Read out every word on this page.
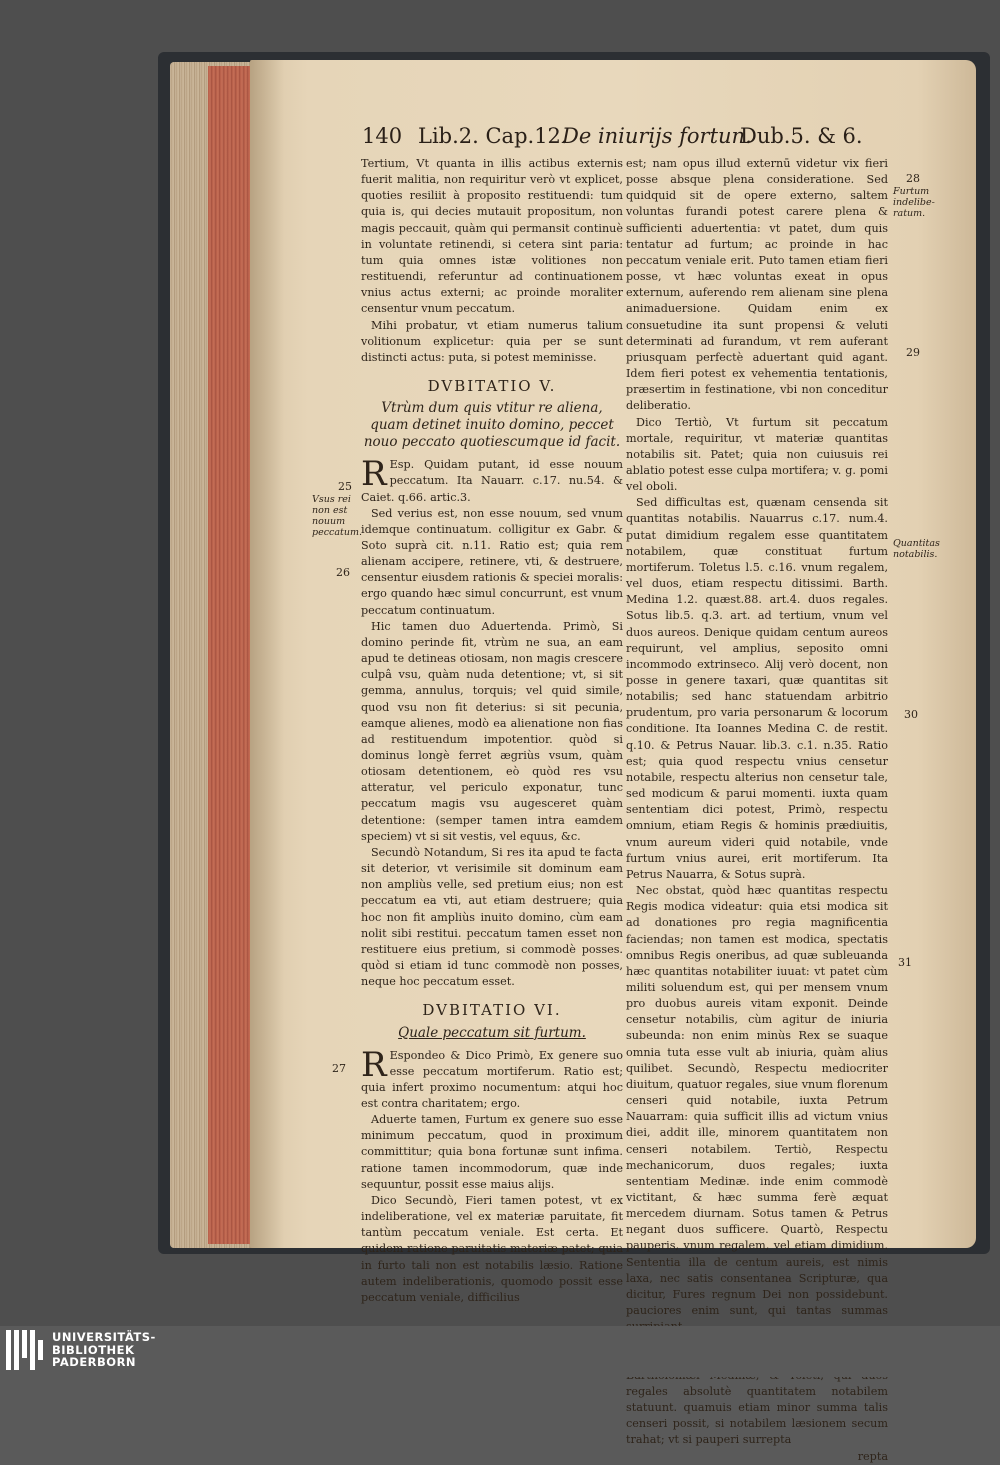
140 Lib.2. Cap.12.
De iniurijs fortun.
Dub.5. & 6.

Tertium, Vt quanta in illis actibus externis fuerit malitia, non requiritur verò vt explicet, quoties resiliit à proposito restituendi: tum quia is, qui decies mutauit propositum, non magis peccauit, quàm qui permansit continuè in voluntate retinendi, si cetera sint paria: tum quia omnes istæ volitiones non restituendi, referuntur ad continuationem vnius actus externi; ac proinde moraliter censentur vnum peccatum.

Mihi probatur, vt etiam numerus talium volitionum explicetur: quia per se sunt distincti actus: puta, si potest meminisse.

DVBITATIO V.
Vtrùm dum quis vtitur re aliena, quam detinet inuito domino, peccet nouo peccato quotiescumque id facit.

R Esp. Quidam putant, id esse nouum peccatum. Ita Nauarr. c.17. nu.54. & Caiet. q.66. artic.3.

Sed verius est, non esse nouum, sed vnum idemque continuatum. colligitur ex Gabr. & Soto suprà cit. n.11. Ratio est; quia rem alienam accipere, retinere, vti, & destruere, censentur eiusdem rationis & speciei moralis: ergo quando hæc simul concurrunt, est vnum peccatum continuatum.

Hic tamen duo Aduertenda. Primò, Si domino perinde fit, vtrùm ne sua, an eam apud te detineas otiosam, non magis crescere culpâ vsu, quàm nuda detentione; vt, si sit gemma, annulus, torquis; vel quid simile, quod vsu non fit deterius: si sit pecunia, eamque alienes, modò ea alienatione non fias ad restituendum impotentior. quòd si dominus longè ferret ægriùs vsum, quàm otiosam detentionem, eò quòd res vsu atteratur, vel periculo exponatur, tunc peccatum magis vsu augesceret quàm detentione: (semper tamen intra eamdem speciem) vt si sit vestis, vel equus, &c.

Secundò Notandum, Si res ita apud te facta sit deterior, vt verisimile sit dominum eam non ampliùs velle, sed pretium eius; non est peccatum ea vti, aut etiam destruere; quia hoc non fit ampliùs inuito domino, cùm eam nolit sibi restitui. peccatum tamen esset non restituere eius pretium, si commodè posses. quòd si etiam id tunc commodè non posses, neque hoc peccatum esset.

DVBITATIO VI.
Quale peccatum sit furtum.

R Espondeo & Dico Primò, Ex genere suo esse peccatum mortiferum. Ratio est; quia infert proximo nocumentum: atqui hoc est contra charitatem; ergo.

Aduerte tamen, Furtum ex genere suo esse minimum peccatum, quod in proximum committitur; quia bona fortunæ sunt infima. ratione tamen incommodorum, quæ inde sequuntur, possit esse maius alijs.

Dico Secundò, Fieri tamen potest, vt ex indeliberatione, vel ex materiæ paruitate, fit tantùm peccatum veniale. Est certa. Et quidem ratione paruitatis materiæ patet; quia in furto tali non est notabilis læsio. Ratione autem indeliberationis, quomodo possit esse peccatum veniale, difficilius

est; nam opus illud externū videtur vix fieri posse absque plena consideratione. Sed quidquid sit de opere externo, saltem voluntas furandi potest carere plena & sufficienti aduertentia: vt patet, dum quis tentatur ad furtum; ac proinde in hac peccatum veniale erit. Puto tamen etiam fieri posse, vt hæc voluntas exeat in opus externum, auferendo rem alienam sine plena animaduersione. Quidam enim ex consuetudine ita sunt propensi & veluti determinati ad furandum, vt rem auferant priusquam perfectè aduertant quid agant. Idem fieri potest ex vehementia tentationis, præsertim in festinatione, vbi non conceditur deliberatio.

Dico Tertiò, Vt furtum sit peccatum mortale, requiritur, vt materiæ quantitas notabilis sit. Patet; quia non cuiusuis rei ablatio potest esse culpa mortifera; v. g. pomi vel oboli.

Sed difficultas est, quænam censenda sit quantitas notabilis. Nauarrus c.17. num.4. putat dimidium regalem esse quantitatem notabilem, quæ constituat furtum mortiferum. Toletus l.5. c.16. vnum regalem, vel duos, etiam respectu ditissimi. Barth. Medina 1.2. quæst.88. art.4. duos regales. Sotus lib.5. q.3. art. ad tertium, vnum vel duos aureos. Denique quidam centum aureos requirunt, vel amplius, seposito omni incommodo extrinseco. Alij verò docent, non posse in genere taxari, quæ quantitas sit notabilis; sed hanc statuendam arbitrio prudentum, pro varia personarum & locorum conditione. Ita Ioannes Medina C. de restit. q.10. & Petrus Nauar. lib.3. c.1. n.35. Ratio est; quia quod respectu vnius censetur notabile, respectu alterius non censetur tale, sed modicum & parui momenti. iuxta quam sententiam dici potest, Primò, respectu omnium, etiam Regis & hominis prædiuitis, vnum aureum videri quid notabile, vnde furtum vnius aurei, erit mortiferum. Ita Petrus Nauarra, & Sotus suprà.

Nec obstat, quòd hæc quantitas respectu Regis modica videatur: quia etsi modica sit ad donationes pro regia magnificentia faciendas; non tamen est modica, spectatis omnibus Regis oneribus, ad quæ subleuanda hæc quantitas notabiliter iuuat: vt patet cùm militi soluendum est, qui per mensem vnum pro duobus aureis vitam exponit. Deinde censetur notabilis, cùm agitur de iniuria subeunda: non enim minùs Rex se suaque omnia tuta esse vult ab iniuria, quàm alius quilibet. Secundò, Respectu mediocriter diuitum, quatuor regales, siue vnum florenum censeri quid notabile, iuxta Petrum Nauarram: quia sufficit illis ad victum vnius diei, addit ille, minorem quantitatem non censeri notabilem. Tertiò, Respectu mechanicorum, duos regales; iuxta sententiam Medinæ. inde enim commodè victitant, & hæc summa ferè æquat mercedem diurnam. Sotus tamen & Petrus negant duos sufficere. Quartò, Respectu pauperis, vnum regalem, vel etiam dimidium. Sententia illa de centum aureis, est nimis laxa, nec satis consentanea Scripturæ, qua dicitur, Fures regnum Dei non possidebunt. pauciores enim sunt, qui tantas summas

regales absolutè quantitatem notabilem statuunt. quamuis etiam minor summa talis censeri possit, si notabilem læsionem secum trahat; vt si pauperi surrepta

repta

25
Vsus rei non est nouum peccatum.
26
27
28
Furtum indelibe-ratum.
29
Quantitas notabilis.
30
31
UNIVERSITÄTS-
BIBLIOTHEK
PADERBORN
